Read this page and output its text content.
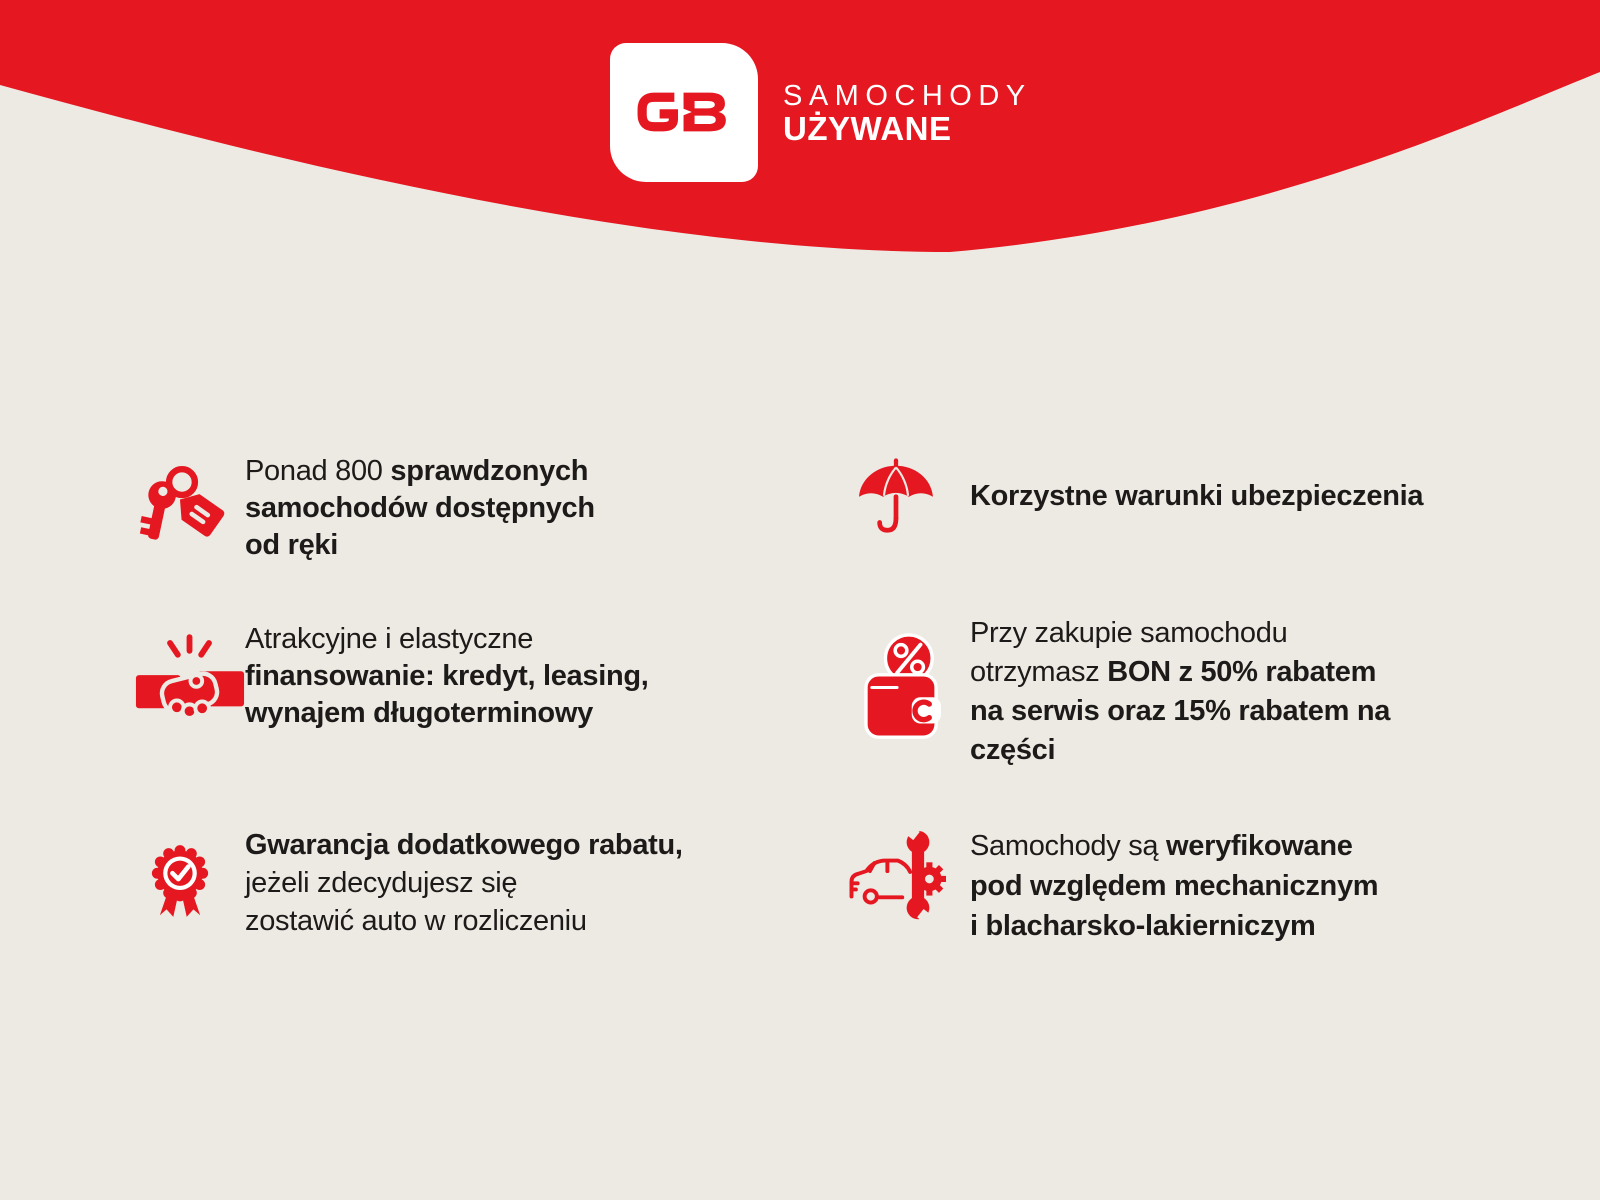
SAMOCHODY
UŻYWANE
Ponad 800 sprawdzonych
samochodów dostępnych
od ręki
Atrakcyjne i elastyczne
finansowanie: kredyt, leasing,
wynajem długoterminowy
Gwarancja dodatkowego rabatu,
jeżeli zdecydujesz się
zostawić auto w rozliczeniu
Korzystne warunki ubezpieczenia
Przy zakupie samochodu
otrzymasz BON z 50% rabatem
na serwis oraz 15% rabatem na
części
Samochody są weryfikowane
pod względem mechanicznym
i blacharsko-lakierniczym
